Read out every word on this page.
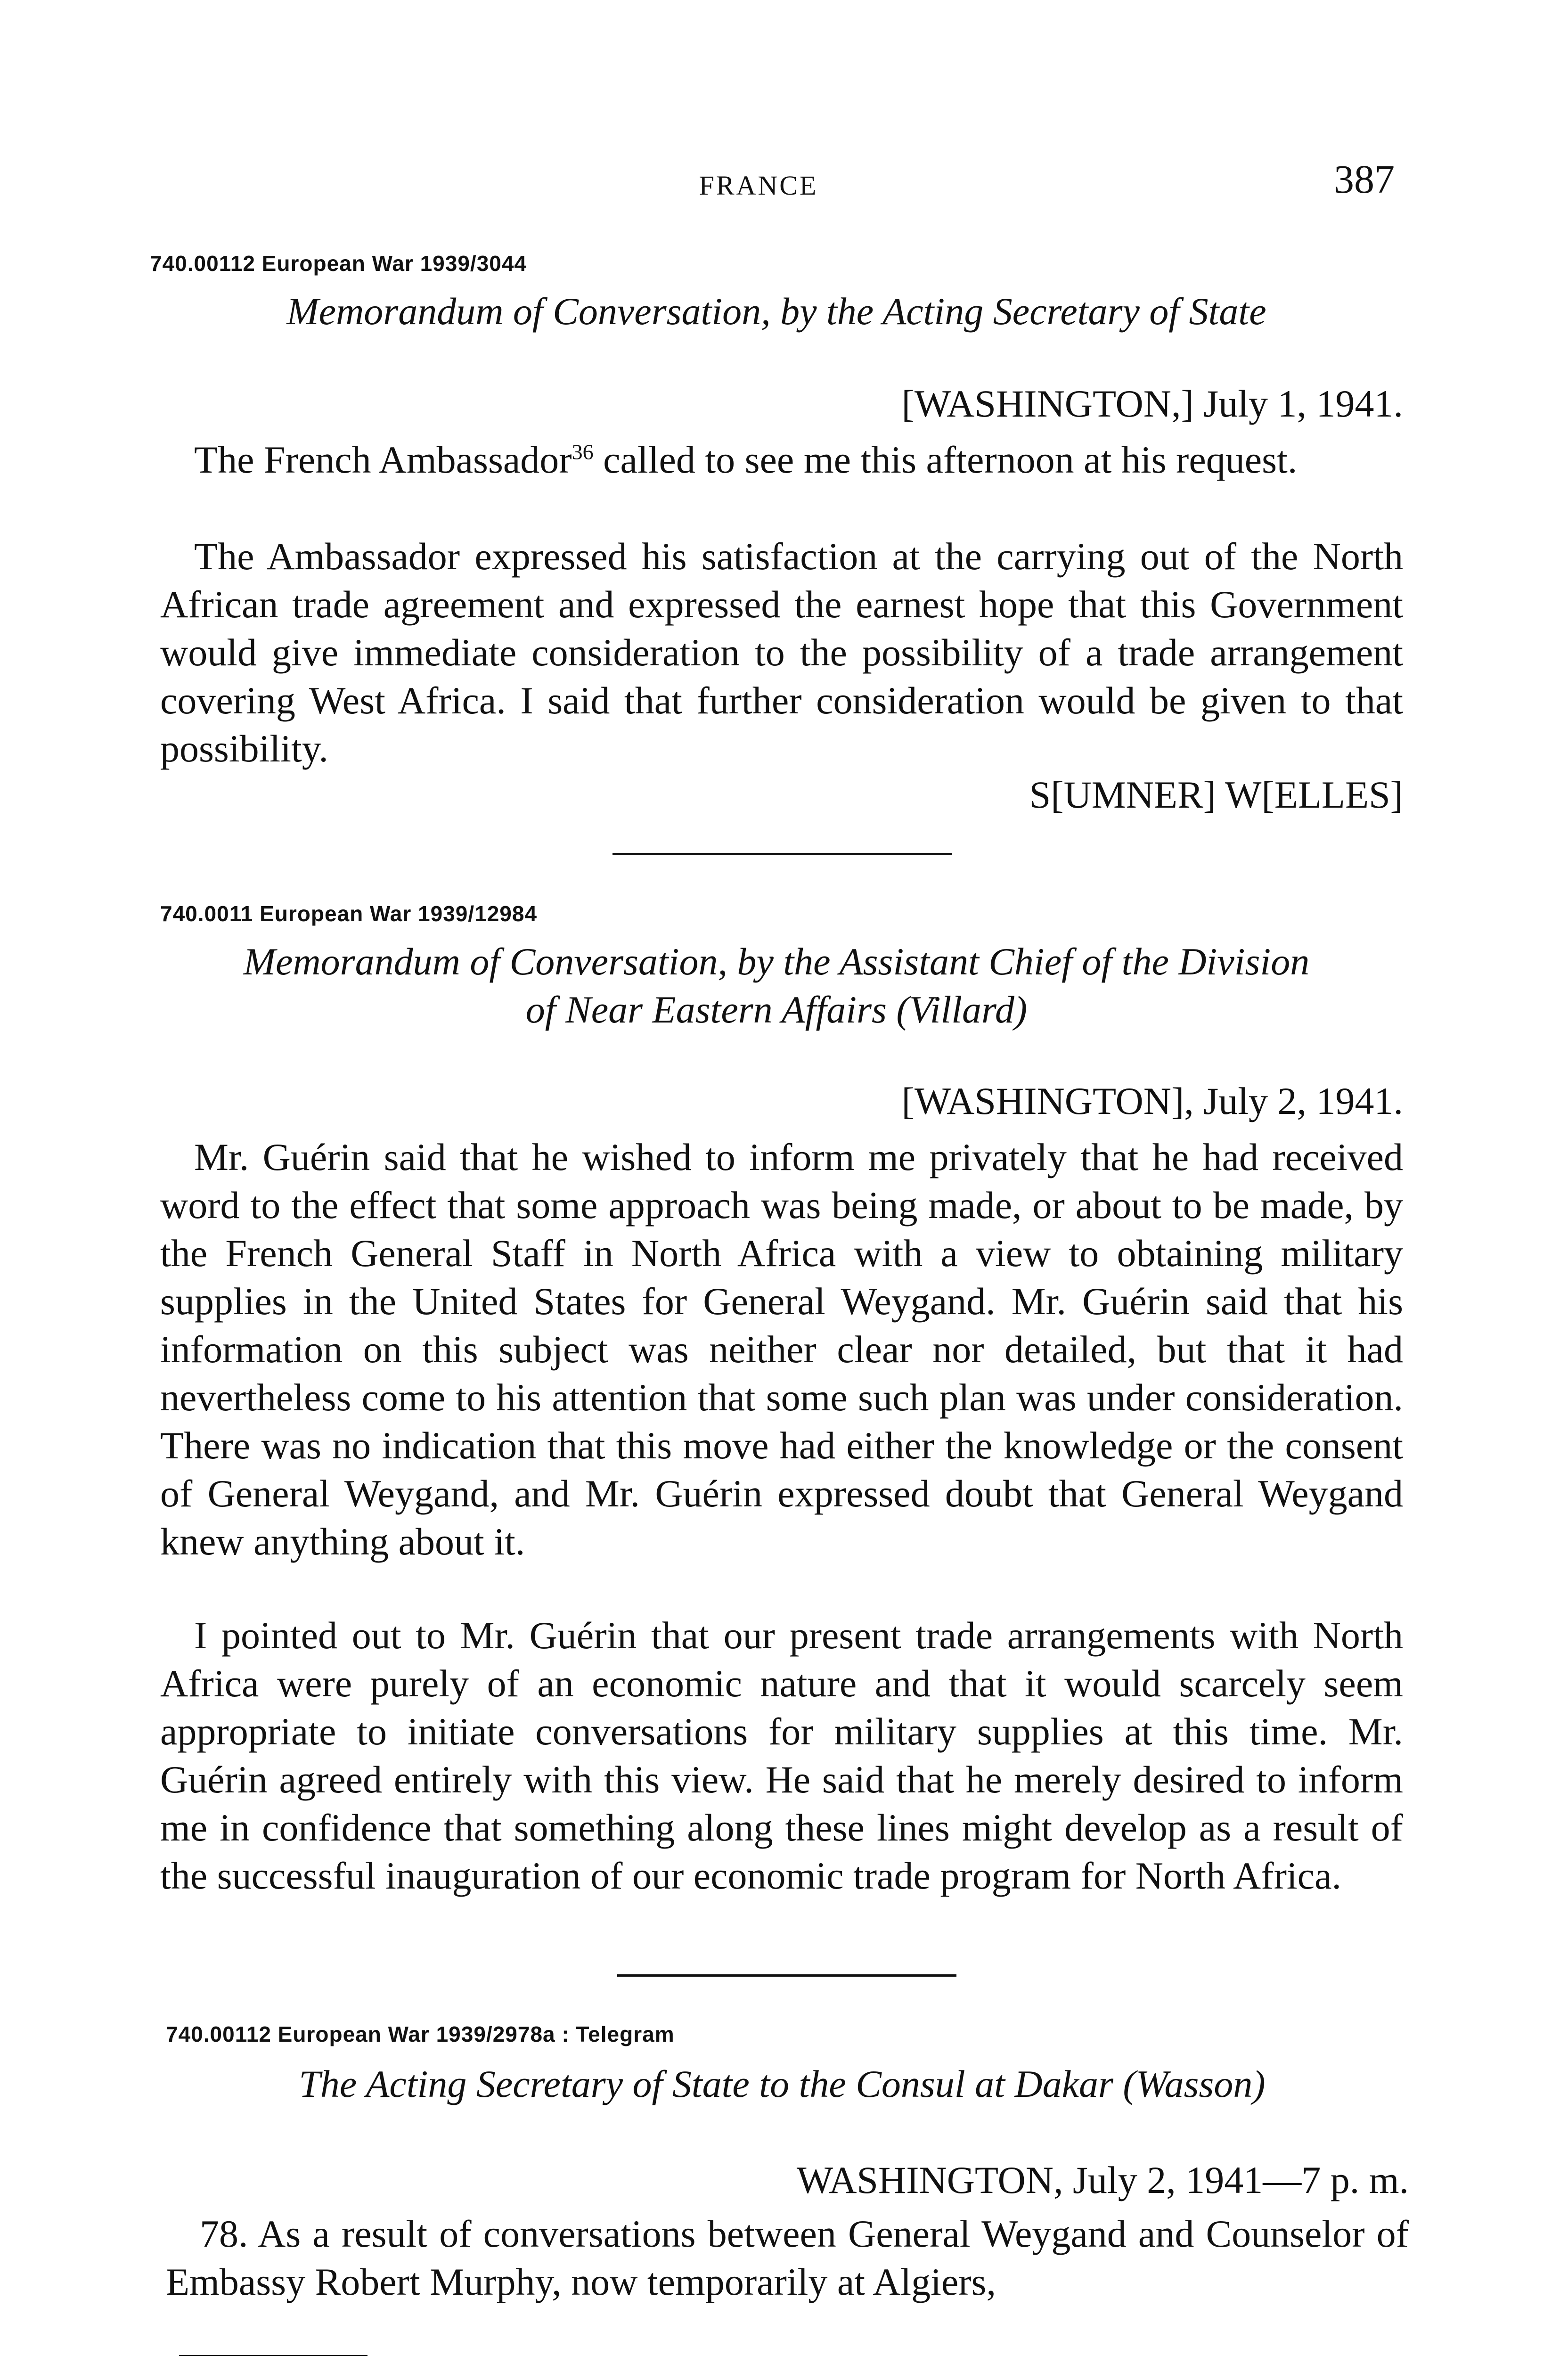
FRANCE	387
740.00112 European War 1939/3044
Memorandum of Conversation, by the Acting Secretary of State
[WASHINGTON,] July 1, 1941.
The French Ambassador$^{36}$ called to see me this afternoon at his request.
The Ambassador expressed his satisfaction at the carrying out of the North African trade agreement and expressed the earnest hope that this Government would give immediate consideration to the possibility of a trade arrangement covering West Africa. I said that further consideration would be given to that possibility.
S[UMNER] W[ELLES]
740.0011 European War 1939/12984
Memorandum of Conversation, by the Assistant Chief of the Division
of Near Eastern Affairs (Villard)
[WASHINGTON], July 2, 1941.
Mr. Guérin said that he wished to inform me privately that he had received word to the effect that some approach was being made, or about to be made, by the French General Staff in North Africa with a view to obtaining military supplies in the United States for General Weygand. Mr. Guérin said that his information on this subject was neither clear nor detailed, but that it had nevertheless come to his attention that some such plan was under consideration. There was no indication that this move had either the knowledge or the consent of General Weygand, and Mr. Guérin expressed doubt that General Weygand knew anything about it.
I pointed out to Mr. Guérin that our present trade arrangements with North Africa were purely of an economic nature and that it would scarcely seem appropriate to initiate conversations for military supplies at this time. Mr. Guérin agreed entirely with this view. He said that he merely desired to inform me in confidence that something along these lines might develop as a result of the successful inauguration of our economic trade program for North Africa.
740.00112 European War 1939/2978a : Telegram
The Acting Secretary of State to the Consul at Dakar (Wasson)
WASHINGTON, July 2, 1941—7 p. m.
78. As a result of conversations between General Weygand and Counselor of Embassy Robert Murphy, now temporarily at Algiers,
